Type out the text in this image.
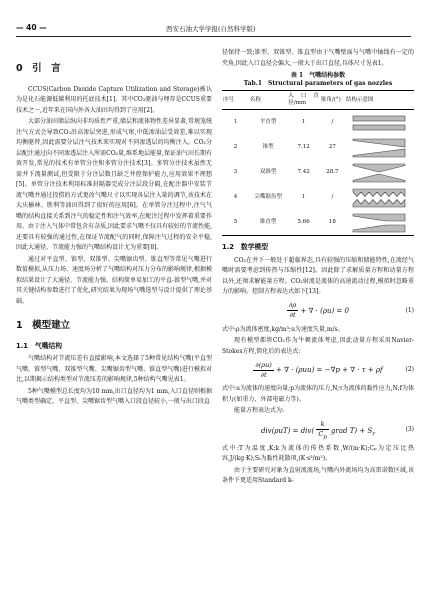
— 40 —	西安石油大学学报(自然科学版)
0　引　言

CCUS(Carbon Dioxide Capture Utilization and Storage)被认为是化石能源低碳利用的托底技术[1]。其中CO₂驱油与埋存是CCUS重要技术之一,近年来在国内外各大油田均得到了应用[2]。

大部分油田储层纵向非均质性严重,储层和流体物性差异显著,常规笼统注气方式会导致CO₂沿高渗层突进,形成气窜,中低渗油层受效差,难以实现均衡驱替,因此需要分层注气技术来实现对不同渗透层的均衡注入。CO₂分层配注通过向不同渗透层注入所需CO₂量,维系地层能量,保证油气田长期有效开发,常见的技术有单管分注和多管分注技术[3]。多管分注技术虽然无需井下流量测试,但受限于分注层数且缺乏井控保护能力,应用效果不理想[5]。单管分注技术利用标准封隔器完成分注层段分隔,在配注器中安装节流气嘴并通过投捞的方式更改气嘴尺寸以实现各层注入量的调节,该技术在大庆榆林、胜利等油田得到了很好的应用[6]。在单管分注过程中,注气气嘴的结构直接关系到注气的稳定性和注气效率,在配注过程中发挥着重要作用。由于注入气体中常包含有杂质,因此要求气嘴不仅具有较好的节流性能,还要具有较强的通过性,在保证节流配气的同时,保障注气过程的安全平稳,因此大通径、节流能力强的气嘴结构设计尤为重要[8]。

通过对平直型、锥型、双锥型、尖嘴锯齿型、锥直型等常见气嘴进行数值模拟,从压力场、速度场分析了气嘴结构对压力分布的影响规律,根据模拟结果设计了大通径、节流能力强、结构简单易加工的平直-锥型气嘴,并对其关键结构参数进行了优化,研究结果为现场气嘴选型与设计提供了理论基础。

1　模型建立
1.1　气嘴结构

气嘴结构对节流压差有直接影响,本文选择了5种常见结构气嘴(平直型气嘴、锥型气嘴、双锥型气嘴、尖嘴锯齿型气嘴、锥直型气嘴)进行模拟对比,以期揭示结构类型对节流压差的影响规律,5种结构气嘴见表1。

5种气嘴模型总长度均为10 mm,出口直径均为1 mm,入口直径则根据气嘴类型确定。平直型、尖嘴锯齿型气嘴入口段直径较小,一般与出口段直

径保持一致;锥型、双锥型、锥直型由于气嘴壁面与气嘴中轴线有一定的夹角,因此入口直径会偏大,一般大于出口直径,具体尺寸见表1。

表 1　气嘴结构参数
Tab.1　Structural parameters of gas nozzles
序号	名称	入口直径/mm	锥角/(°)	结构示意图
1	平直型	1	/	

2	锥型	7.12	27	

3	双锥型	7.42	28.7	

4	尖嘴锯齿型	1	/	

5	锥直型	5.66	18	
1.2　数学模型

CO₂在井下一般处于超临界态,具有较强的压缩和储能特性,在流经气嘴时需要考虑到传热与压缩性[12]。因此除了求解质量方程和动量方程以外,还须求解能量方程。CO₂射流是流体的高速流动过程,模拟时忽略重力的影响。控制方程表达式如下[13]。

$\frac{\partial\rho}{\partial t}$ + ∇ · (ρu) = 0	(1)

式中:ρ为流体密度,kg/m³;u为速度矢量,m/s。

现有模型都将CO₂作为牛顿流体考虑,因此动量方程采用Navier-Stokes方程,简化后的表达式:

$\frac{\partial(\rho u)}{\partial t}$ + ∇ · (ρuu) = −∇p + ∇ · τ + ρf	(2)

式中:u为流体的速度向量;p为流体的压力,N;τ为流体的黏性应力,N;f为体积力(如重力、外部电磁力等)。

能量方程表达式为:

$div(\rho uT) = div( \frac{k}{C_p}$ grad $T) + S_r$
(3)

式中:T为温度,K;k为流体的传热系数,W/(m·K);Cₚ为定压比热容,J/(kg·K);Sₜ为黏性耗散项,(K·s³/m²)。

由于主要研究对象为直射流流场,气嘴内外流场均为高雷诺数区域,该条件下更适用Standard k-
